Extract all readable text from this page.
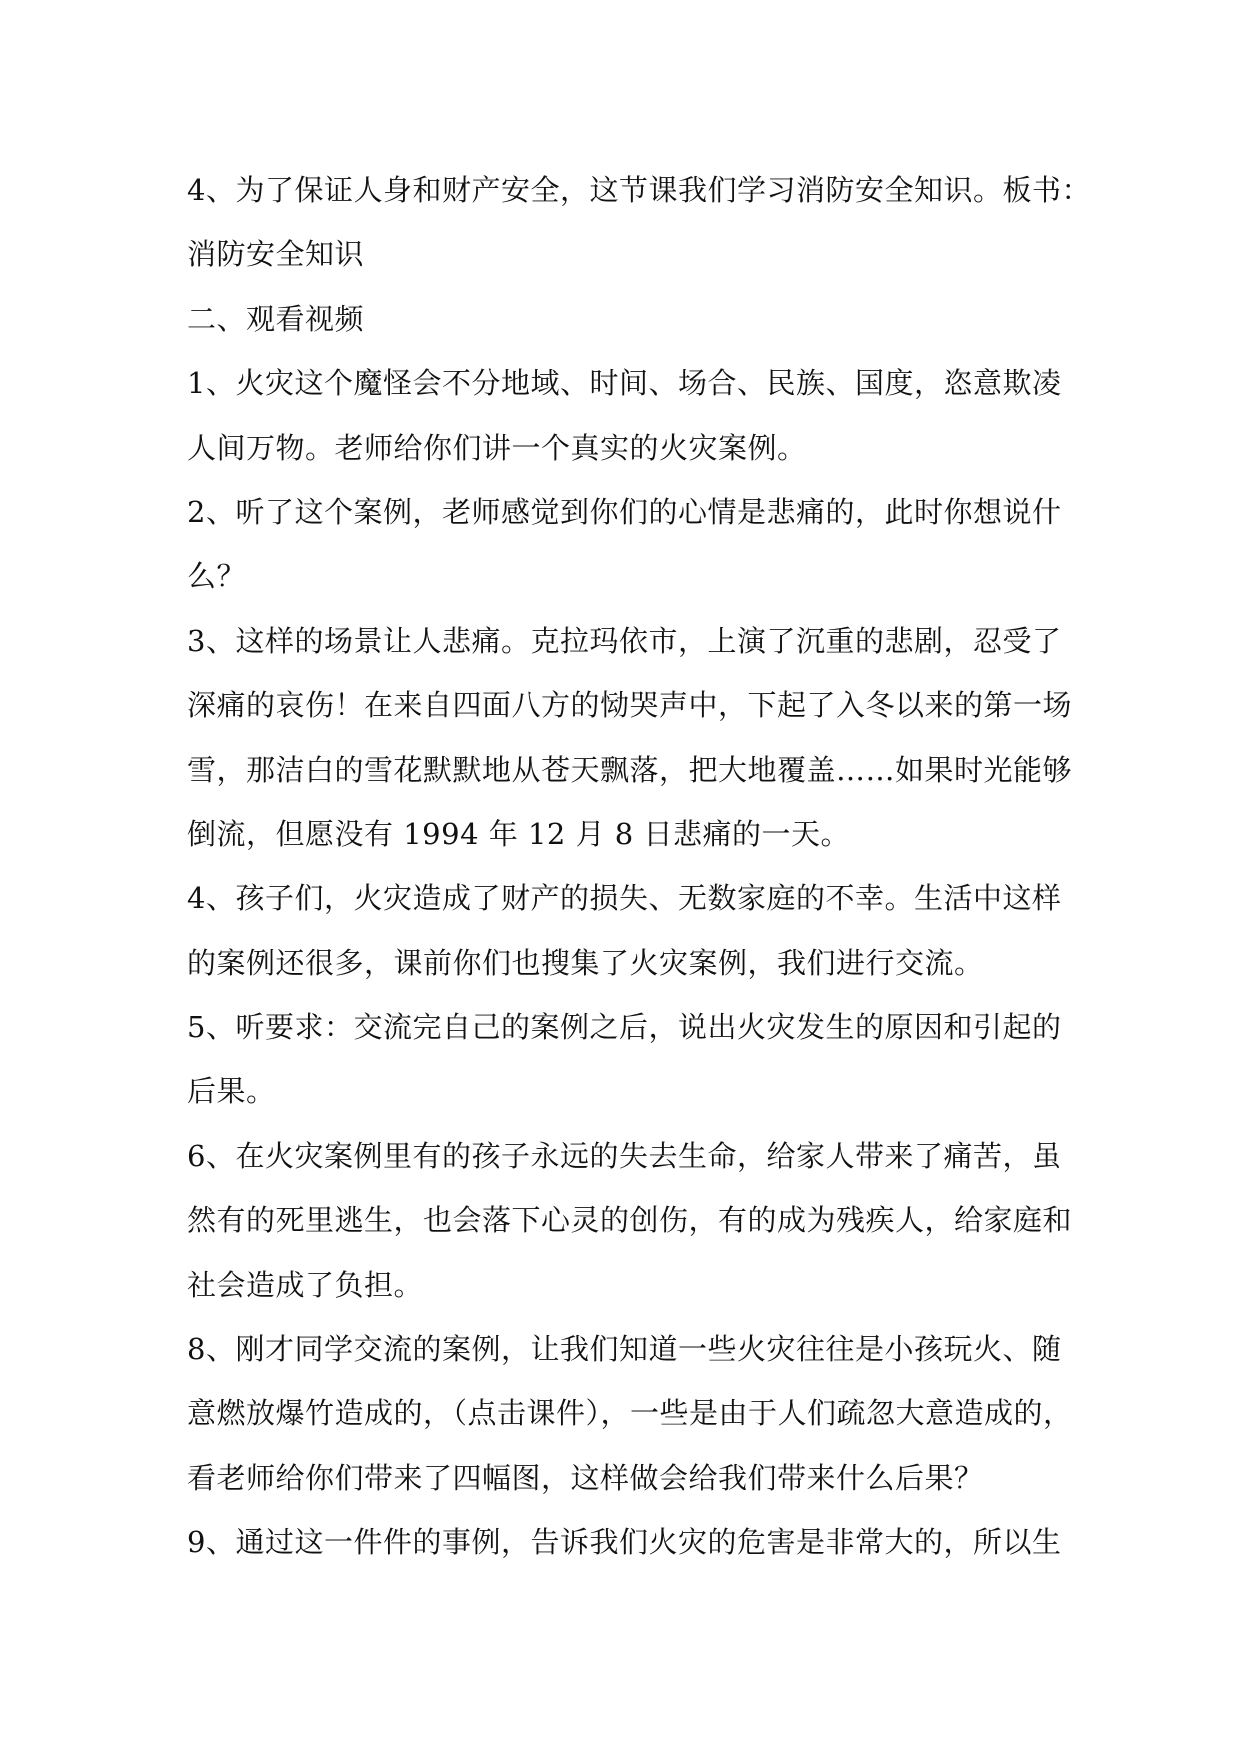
4、为了保证人身和财产安全，这节课我们学习消防安全知识。板书：
消防安全知识
二、观看视频
1、火灾这个魔怪会不分地域、时间、场合、民族、国度，恣意欺凌
人间万物。老师给你们讲一个真实的火灾案例。
2、听了这个案例，老师感觉到你们的心情是悲痛的，此时你想说什
么？
3、这样的场景让人悲痛。克拉玛依市，上演了沉重的悲剧，忍受了
深痛的哀伤！在来自四面八方的恸哭声中，下起了入冬以来的第一场
雪，那洁白的雪花默默地从苍天飘落，把大地覆盖……如果时光能够
倒流，但愿没有 1994 年 12 月 8 日悲痛的一天。
4、孩子们，火灾造成了财产的损失、无数家庭的不幸。生活中这样
的案例还很多，课前你们也搜集了火灾案例，我们进行交流。
5、听要求：交流完自己的案例之后，说出火灾发生的原因和引起的
后果。
6、在火灾案例里有的孩子永远的失去生命，给家人带来了痛苦，虽
然有的死里逃生，也会落下心灵的创伤，有的成为残疾人，给家庭和
社会造成了负担。
8、刚才同学交流的案例，让我们知道一些火灾往往是小孩玩火、随
意燃放爆竹造成的，（点击课件），一些是由于人们疏忽大意造成的，
看老师给你们带来了四幅图，这样做会给我们带来什么后果？
9、通过这一件件的事例，告诉我们火灾的危害是非常大的，所以生
